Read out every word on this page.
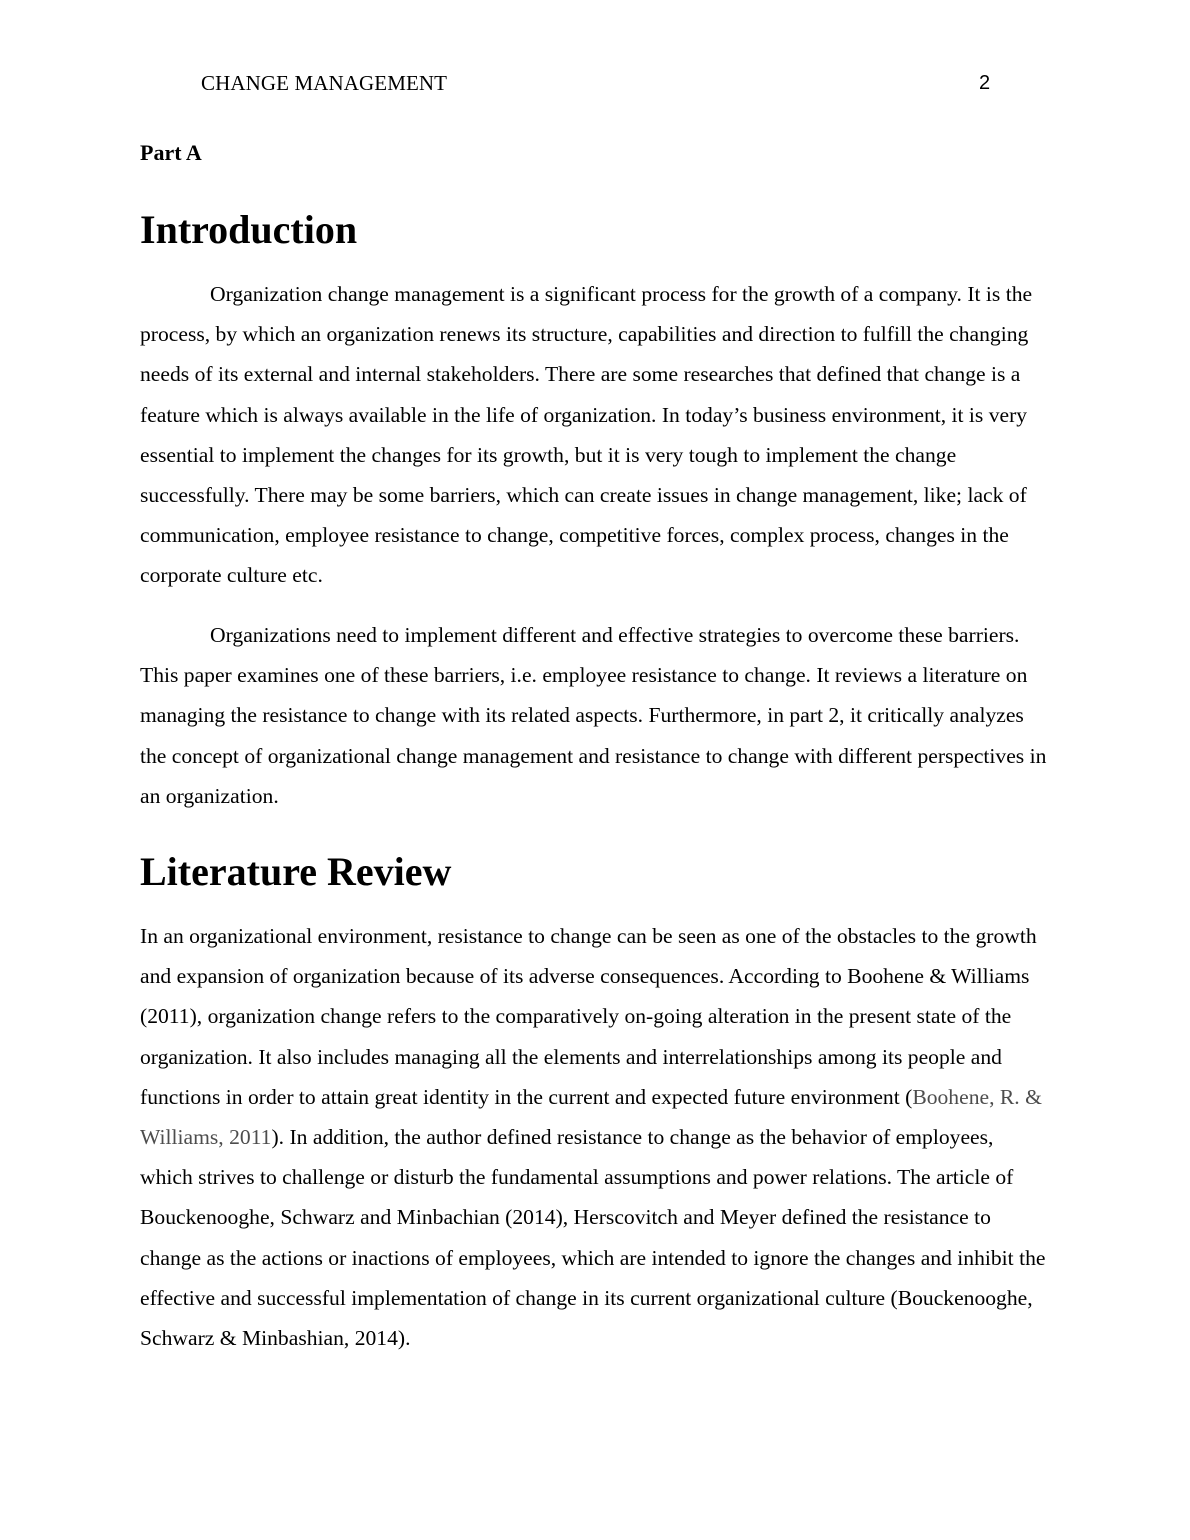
CHANGE MANAGEMENT	2
Part A
Introduction

Organization change management is a significant process for the growth of a company. It is the process, by which an organization renews its structure, capabilities and direction to fulfill the changing needs of its external and internal stakeholders. There are some researches that defined that change is a feature which is always available in the life of organization. In today’s business environment, it is very essential to implement the changes for its growth, but it is very tough to implement the change successfully. There may be some barriers, which can create issues in change management, like; lack of communication, employee resistance to change, competitive forces, complex process, changes in the corporate culture etc.

Organizations need to implement different and effective strategies to overcome these barriers. This paper examines one of these barriers, i.e. employee resistance to change. It reviews a literature on managing the resistance to change with its related aspects. Furthermore, in part 2, it critically analyzes the concept of organizational change management and resistance to change with different perspectives in an organization.

Literature Review

In an organizational environment, resistance to change can be seen as one of the obstacles to the growth and expansion of organization because of its adverse consequences. According to Boohene & Williams (2011), organization change refers to the comparatively on-going alteration in the present state of the organization. It also includes managing all the elements and interrelationships among its people and functions in order to attain great identity in the current and expected future environment (Boohene, R. & Williams, 2011). In addition, the author defined resistance to change as the behavior of employees, which strives to challenge or disturb the fundamental assumptions and power relations. The article of Bouckenooghe, Schwarz and Minbachian (2014), Herscovitch and Meyer defined the resistance to change as the actions or inactions of employees, which are intended to ignore the changes and inhibit the effective and successful implementation of change in its current organizational culture (Bouckenooghe, Schwarz & Minbashian, 2014).
